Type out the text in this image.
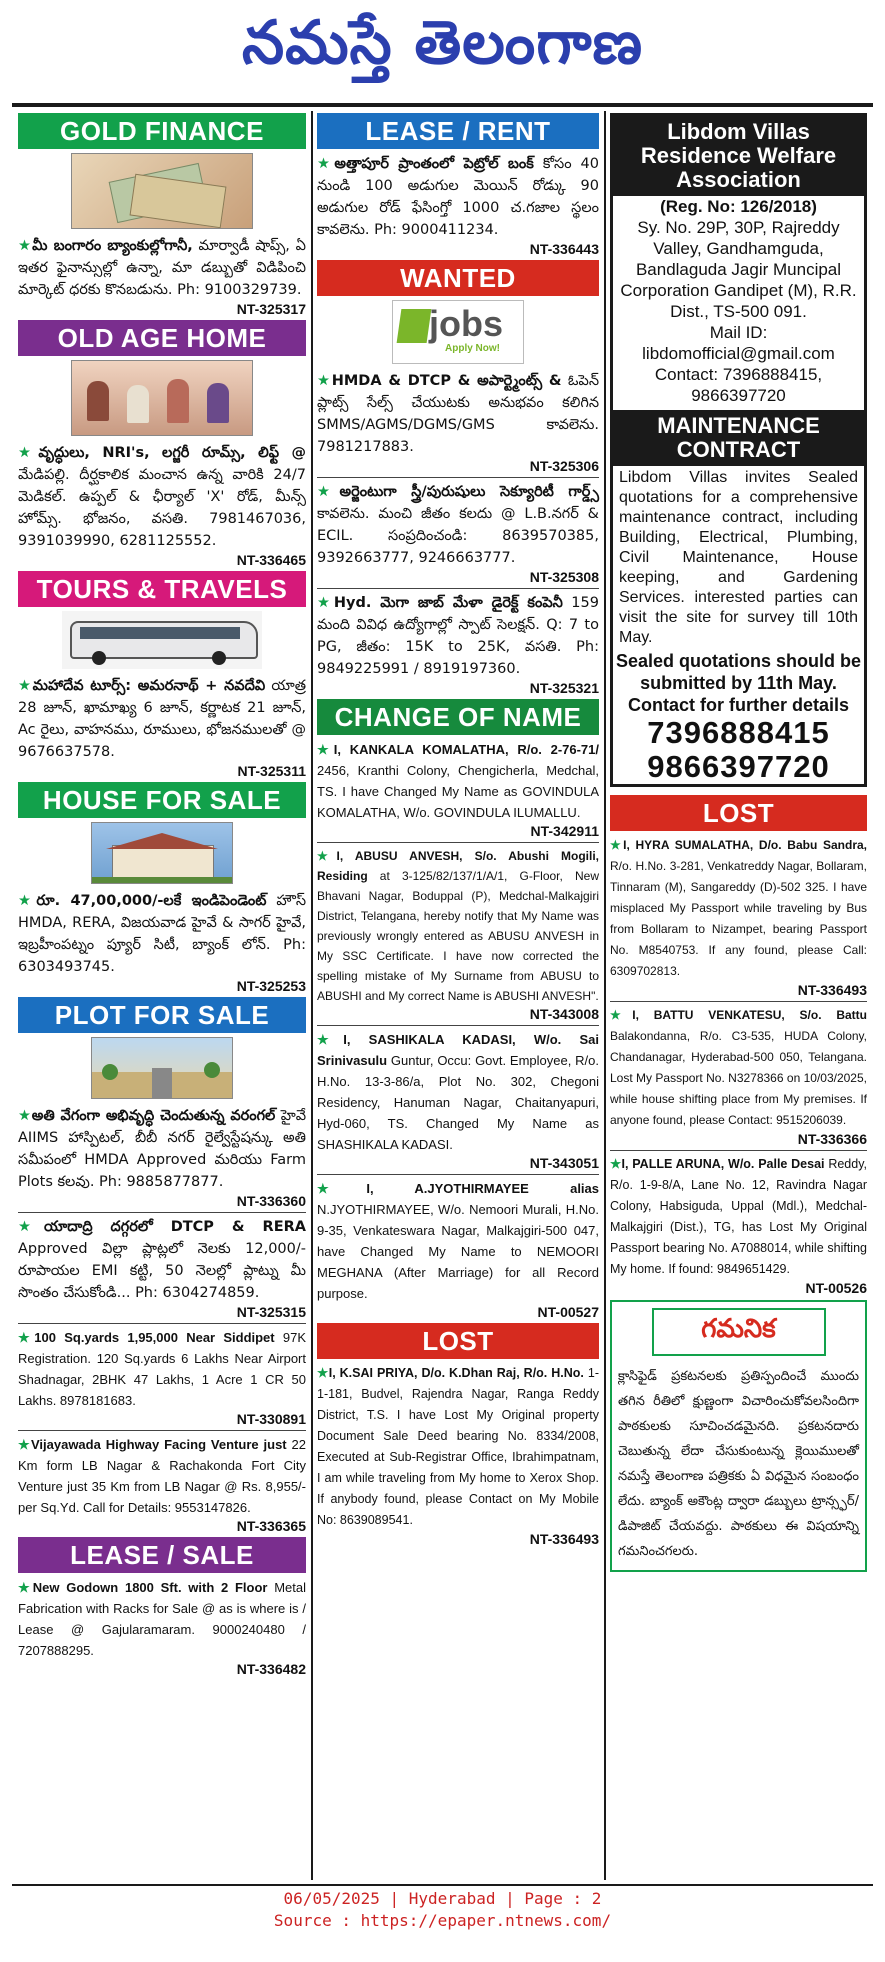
నమస్తే తెలంగాణ
GOLD FINANCE
★మీ బంగారం బ్యాంకుల్లోగానీ, మార్వాడీ షాప్స్, ఏ ఇతర ఫైనాన్సుల్లో ఉన్నా, మా డబ్బుతో విడిపించి మార్కెట్ ధరకు కొనబడును. Ph: 9100329739.
NT-325317
OLD AGE HOME
★వృద్ధులు, NRI's, లగ్జరీ రూమ్స్, లిఫ్ట్ @ మేడిపల్లి. దీర్ఘకాలిక మంచాన ఉన్న వారికి 24/7 మెడికల్. ఉప్పల్ & ఛీర్యాల్ 'X' రోడ్, మీన్స్ హోమ్స్. భోజనం, వసతి. 7981467036, 9391039990, 6281125552.
NT-336465
TOURS & TRAVELS
★మహాదేవ టూర్స్: అమరనాథ్ + నవదేవి యాత్ర 28 జూన్, ఖామాఖ్య 6 జూన్, కర్ణాటక 21 జూన్, Ac రైలు, వాహనము, రూములు, భోజనములతో @ 9676637578.
NT-325311
HOUSE FOR SALE
★రూ. 47,00,000/-లకే ఇండిపెండెంట్ హౌస్ HMDA, RERA, విజయవాడ హైవే & సాగర్ హైవే, ఇబ్రహీంపట్నం ప్యూర్ సిటీ, బ్యాంక్ లోన్. Ph: 6303493745.
NT-325253
PLOT FOR SALE
★అతి వేగంగా అభివృద్ధి చెందుతున్న వరంగల్ హైవే AIIMS హాస్పిటల్, బీబీ నగర్ రైల్వేస్టేషన్కు అతి సమీపంలో HMDA Approved మరియు Farm Plots కలవు. Ph: 9885877877.
NT-336360
★యాదాద్రి దగ్గరలో DTCP & RERA Approved విల్లా ప్లాట్లలో నెలకు 12,000/- రూపాయల EMI కట్టి, 50 నెలల్లో ప్లాట్ను మీ సొంతం చేసుకోండి... Ph: 6304274859.
NT-325315
★100 Sq.yards 1,95,000 Near Siddipet 97K Registration. 120 Sq.yards 6 Lakhs Near Airport Shadnagar, 2BHK 47 Lakhs, 1 Acre 1 CR 50 Lakhs. 8978181683.
NT-330891
★Vijayawada Highway Facing Venture just 22 Km form LB Nagar & Rachakonda Fort City Venture just 35 Km from LB Nagar @ Rs. 8,955/- per Sq.Yd. Call for Details: 9553147826.
NT-336365
LEASE / SALE
★New Godown 1800 Sft. with 2 Floor Metal Fabrication with Racks for Sale @ as is where is / Lease @ Gajularamaram. 9000240480 / 7207888295.
NT-336482
LEASE / RENT
★అత్తాపూర్ ప్రాంతంలో పెట్రోల్ బంక్ కోసం 40 నుండి 100 అడుగుల మెయిన్ రోడ్కు 90 అడుగుల రోడ్ ఫేసింగ్తో 1000 చ.గజాల స్థలం కావలెను. Ph: 9000411234.
NT-336443
WANTED
jobs
Apply Now!
★HMDA & DTCP & అపార్ట్మెంట్స్ & ఓపెన్ ప్లాట్స్ సేల్స్ చేయుటకు అనుభవం కలిగిన SMMS/AGMS/DGMS/GMS కావలెను. 7981217883.
NT-325306
★అర్జెంటుగా స్త్రీ/పురుషులు సెక్యూరిటీ గార్డ్స్ కావలెను. మంచి జీతం కలదు @ L.B.నగర్ & ECIL. సంప్రదించండి: 8639570385, 9392663777, 9246663777.
NT-325308
★Hyd. మెగా జాబ్ మేళా డైరెక్ట్ కంపెనీ 159 మంది వివిధ ఉద్యోగాల్లో స్పాట్ సెలక్షన్. Q: 7 to PG, జీతం: 15K to 25K, వసతి. Ph: 9849225991 / 8919197360.
NT-325321
CHANGE OF NAME
★I, KANKALA KOMALATHA, R/o. 2-76-71/ 2456, Kranthi Colony, Chengicherla, Medchal, TS. I have Changed My Name as GOVINDULA KOMALATHA, W/o. GOVINDULA ILUMALLU.
NT-342911
★I, ABUSU ANVESH, S/o. Abushi Mogili, Residing at 3-125/82/137/1/A/1, G-Floor, New Bhavani Nagar, Boduppal (P), Medchal-Malkajgiri District, Telangana, hereby notify that My Name was previously wrongly entered as ABUSU ANVESH in My SSC Certificate. I have now corrected the spelling mistake of My Surname from ABUSU to ABUSHI and My correct Name is ABUSHI ANVESH".
NT-343008
★I, SASHIKALA KADASI, W/o. Sai Srinivasulu Guntur, Occu: Govt. Employee, R/o. H.No. 13-3-86/a, Plot No. 302, Chegoni Residency, Hanuman Nagar, Chaitanyapuri, Hyd-060, TS. Changed My Name as SHASHIKALA KADASI.
NT-343051
★I, A.JYOTHIRMAYEE alias N.JYOTHIRMAYEE, W/o. Nemoori Murali, H.No. 9-35, Venkateswara Nagar, Malkajgiri-500 047, have Changed My Name to NEMOORI MEGHANA (After Marriage) for all Record purpose.
NT-00527
LOST
★I, K.SAI PRIYA, D/o. K.Dhan Raj, R/o. H.No. 1-1-181, Budvel, Rajendra Nagar, Ranga Reddy District, T.S. I have Lost My Original property Document Sale Deed bearing No. 8334/2008, Executed at Sub-Registrar Office, Ibrahimpatnam, I am while traveling from My home to Xerox Shop. If anybody found, please Contact on My Mobile No: 8639089541.
NT-336493
Libdom Villas Residence Welfare Association
(Reg. No: 126/2018)
Sy. No. 29P, 30P, Rajreddy Valley, Gandhamguda, Bandlaguda Jagir Muncipal Corporation Gandipet (M), R.R. Dist., TS-500 091.
Mail ID:
libdomofficial@gmail.com
Contact: 7396888415, 9866397720
MAINTENANCE CONTRACT
Libdom Villas invites Sealed quotations for a comprehensive maintenance contract, including Building, Electrical, Plumbing, Civil Maintenance, House keeping, and Gardening Services. interested parties can visit the site for survey till 10th May.
Sealed quotations should be submitted by 11th May.
Contact for further details
7396888415
9866397720
LOST
★I, HYRA SUMALATHA, D/o. Babu Sandra, R/o. H.No. 3-281, Venkatreddy Nagar, Bollaram, Tinnaram (M), Sangareddy (D)-502 325. I have misplaced My Passport while traveling by Bus from Bollaram to Nizampet, bearing Passport No. M8540753. If any found, please Call: 6309702813.
NT-336493
★I, BATTU VENKATESU, S/o. Battu Balakondanna, R/o. C3-535, HUDA Colony, Chandanagar, Hyderabad-500 050, Telangana. Lost My Passport No. N3278366 on 10/03/2025, while house shifting place from My premises. If anyone found, please Contact: 9515206039.
NT-336366
★I, PALLE ARUNA, W/o. Palle Desai Reddy, R/o. 1-9-8/A, Lane No. 12, Ravindra Nagar Colony, Habsiguda, Uppal (Mdl.), Medchal-Malkajgiri (Dist.), TG, has Lost My Original Passport bearing No. A7088014, while shifting My home. If found: 9849651429.
NT-00526
గమనిక
క్లాసిఫైడ్ ప్రకటనలకు ప్రతిస్పందించే ముందు తగిన రీతిలో క్షుణ్ణంగా విచారించుకోవలసిందిగా పాఠకులకు సూచించడమైనది. ప్రకటనదారు చెబుతున్న లేదా చేసుకుంటున్న క్లెయిములతో నమస్తే తెలంగాణ పత్రికకు ఏ విధమైన సంబంధం లేదు. బ్యాంక్ అకౌంట్ల ద్వారా డబ్బులు ట్రాన్స్ఫర్/డిపాజిట్ చేయవద్దు. పాఠకులు ఈ విషయాన్ని గమనించగలరు.
06/05/2025 | Hyderabad | Page : 2
Source : https://epaper.ntnews.com/
